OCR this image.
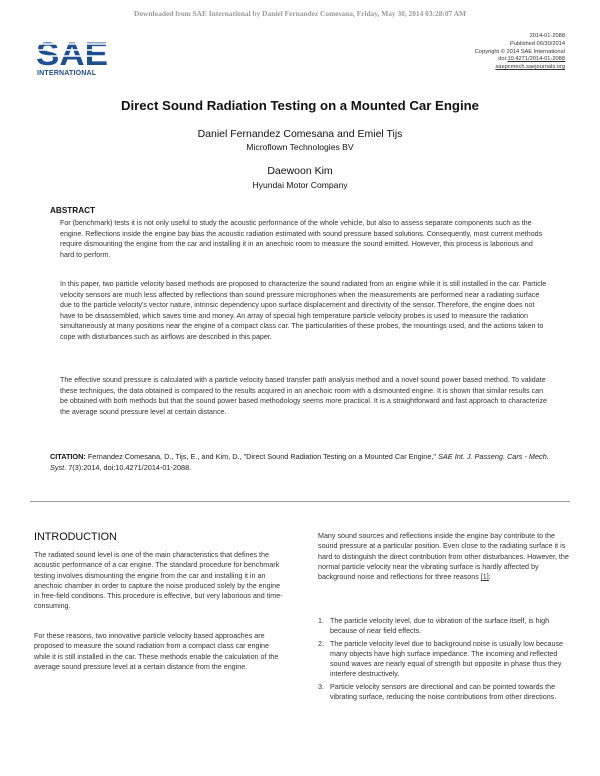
Downloaded from SAE International by Daniel Fernandez Comesana, Friday, May 30, 2014 03:28:07 AM
SAE
INTERNATIONAL
2014-01-2088
Published 06/30/2014
Copyright © 2014 SAE International
doi:10.4271/2014-01-2088
saepcmech.saejournals.org
Direct Sound Radiation Testing on a Mounted Car Engine
Daniel Fernandez Comesana and Emiel Tijs
Microflown Technologies BV
Daewoon Kim
Hyundai Motor Company
ABSTRACT

For (benchmark) tests it is not only useful to study the acoustic performance of the whole vehicle, but also to assess separate components such as the engine. Reflections inside the engine bay bias the acoustic radiation estimated with sound pressure based solutions. Consequently, most current methods require dismounting the engine from the car and installing it in an anechoic room to measure the sound emitted. However, this process is laborious and hard to perform.

In this paper, two particle velocity based methods are proposed to characterize the sound radiated from an engine while it is still installed in the car. Particle velocity sensors are much less affected by reflections than sound pressure microphones when the measurements are performed near a radiating surface due to the particle velocity's vector nature, intrinsic dependency upon surface displacement and directivity of the sensor. Therefore, the engine does not have to be disassembled, which saves time and money. An array of special high temperature particle velocity probes is used to measure the radiation simultaneously at many positions near the engine of a compact class car. The particularities of these probes, the mountings used, and the actions taken to cope with disturbances such as airflows are described in this paper.

The effective sound pressure is calculated with a particle velocity based transfer path analysis method and a novel sound power based method. To validate these techniques, the data obtained is compared to the results acquired in an anechoic room with a dismounted engine. It is shown that similar results can be obtained with both methods but that the sound power based methodology seems more practical. It is a straightforward and fast approach to characterize the average sound pressure level at certain distance.

CITATION: Fernandez Comesana, D., Tijs, E., and Kim, D., "Direct Sound Radiation Testing on a Mounted Car Engine," SAE Int. J. Passeng. Cars - Mech. Syst. 7(3):2014, doi:10.4271/2014-01-2088.

INTRODUCTION

The radiated sound level is one of the main characteristics that defines the acoustic performance of a car engine. The standard procedure for benchmark testing involves dismounting the engine from the car and installing it in an anechoic chamber in order to capture the noise produced solely by the engine in free-field conditions. This procedure is effective, but very laborious and time-consuming.

For these reasons, two innovative particle velocity based approaches are proposed to measure the sound radiation from a compact class car engine while it is still installed in the car. These methods enable the calculation of the average sound pressure level at a certain distance from the engine.

Many sound sources and reflections inside the engine bay contribute to the sound pressure at a particular position. Even close to the radiating surface it is hard to distinguish the direct contribution from other disturbances. However, the normal particle velocity near the vibrating surface is hardly affected by background noise and reflections for three reasons [1]:

1. The particle velocity level, due to vibration of the surface itself, is high because of near field effects.
2. The particle velocity level due to background noise is usually low because many objects have high surface impedance. The incoming and reflected sound waves are nearly equal of strength but opposite in phase thus they interfere destructively.
3. Particle velocity sensors are directional and can be pointed towards the vibrating surface, reducing the noise contributions from other directions.
